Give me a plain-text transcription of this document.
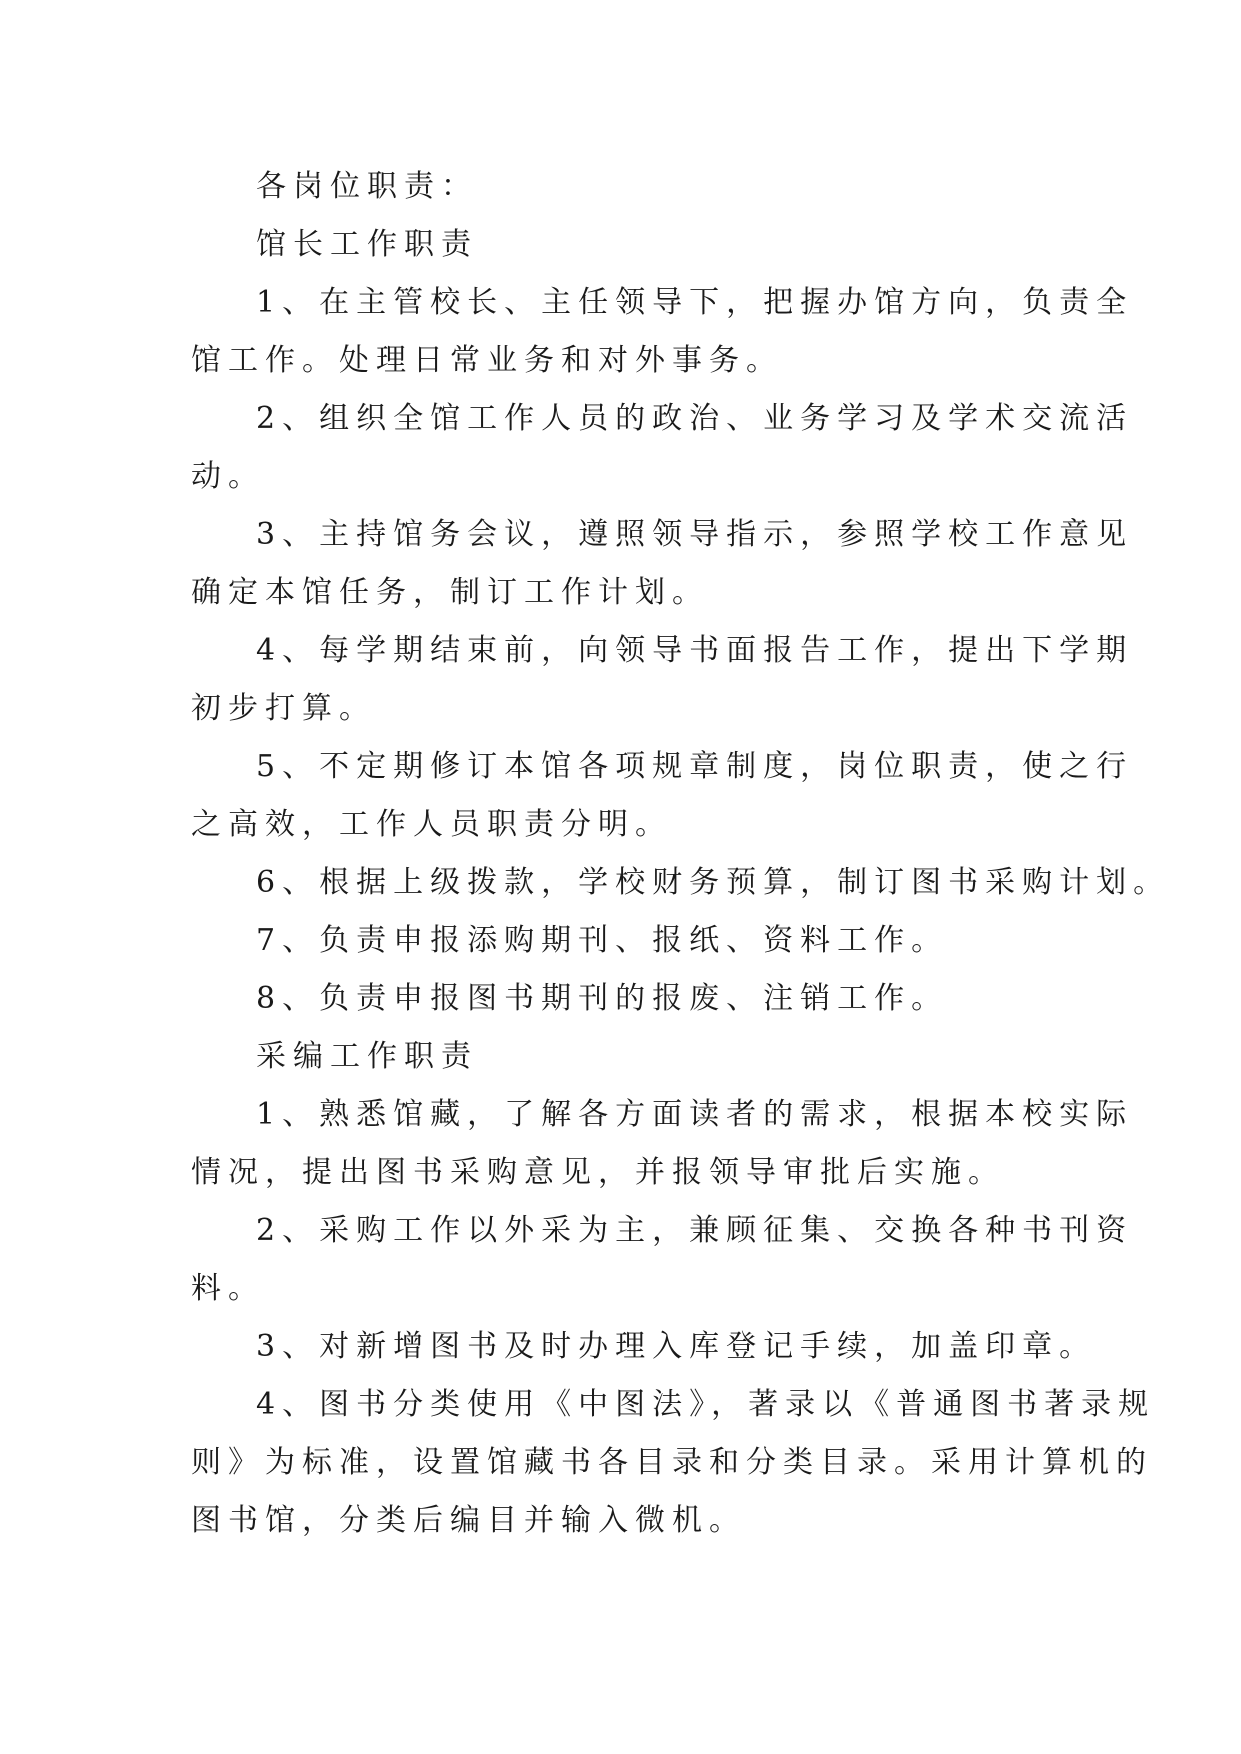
各岗位职责：
馆长工作职责
1、在主管校长、主任领导下，把握办馆方向，负责全
馆工作。处理日常业务和对外事务。
2、组织全馆工作人员的政治、业务学习及学术交流活
动。
3、主持馆务会议，遵照领导指示，参照学校工作意见
确定本馆任务，制订工作计划。
4、每学期结束前，向领导书面报告工作，提出下学期
初步打算。
5、不定期修订本馆各项规章制度，岗位职责，使之行
之高效，工作人员职责分明。
6、根据上级拨款，学校财务预算，制订图书采购计划。
7、负责申报添购期刊、报纸、资料工作。
8、负责申报图书期刊的报废、注销工作。
采编工作职责
1、熟悉馆藏，了解各方面读者的需求，根据本校实际
情况，提出图书采购意见，并报领导审批后实施。
2、采购工作以外采为主，兼顾征集、交换各种书刊资
料。
3、对新增图书及时办理入库登记手续，加盖印章。
4、图书分类使用《中图法》，著录以《普通图书著录规
则》为标准，设置馆藏书各目录和分类目录。采用计算机的
图书馆，分类后编目并输入微机。
